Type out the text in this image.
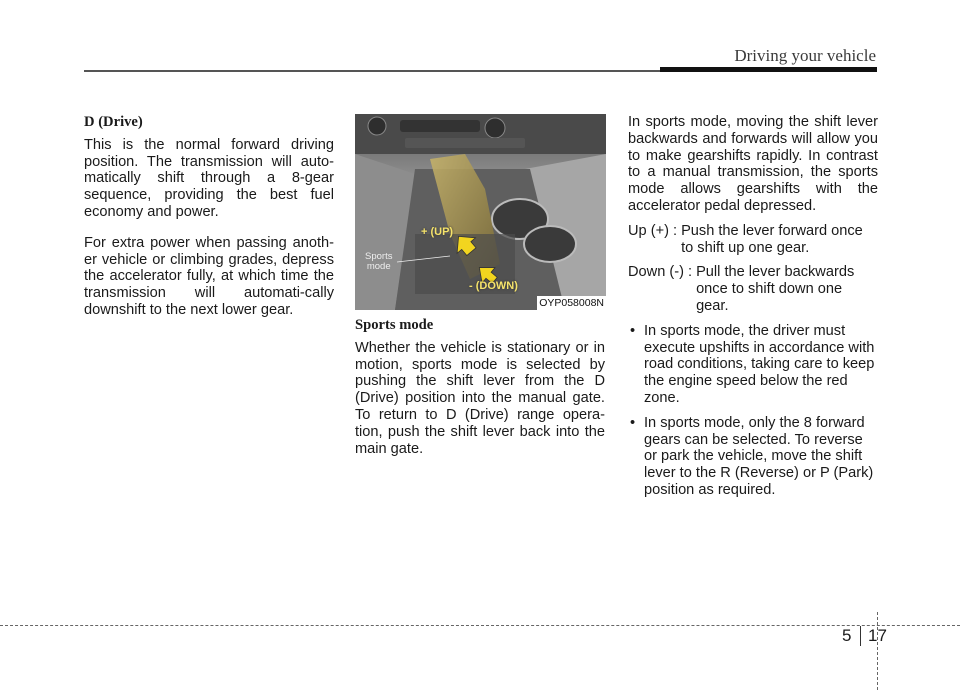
Driving your vehicle
D (Drive)

This is the normal forward driving position. The transmission will auto-matically shift through a 8-gear sequence, providing the best fuel economy and power.

For extra power when passing anoth-er vehicle or climbing grades, depress the accelerator fully, at which time the transmission will automati-cally downshift to the next lower gear.

+ (UP)
- (DOWN)
Sports
mode
OYP058008N
Sports mode

Whether the vehicle is stationary or in motion, sports mode is selected by pushing the shift lever from the D (Drive) position into the manual gate. To return to D (Drive) range opera-tion, push the shift lever back into the main gate.

In sports mode, moving the shift lever backwards and forwards will allow you to make gearshifts rapidly. In contrast to a manual transmission, the sports mode allows gearshifts with the accelerator pedal depressed.

Up (+) : Push the lever forward once to shift up one gear.
Down (-) : Pull the lever backwards once to shift down one gear.
• In sports mode, the driver must execute upshifts in accordance with road conditions, taking care to keep the engine speed below the red zone.
• In sports mode, only the 8 forward gears can be selected. To reverse or park the vehicle, move the shift lever to the R (Reverse) or P (Park) position as required.
5 17
